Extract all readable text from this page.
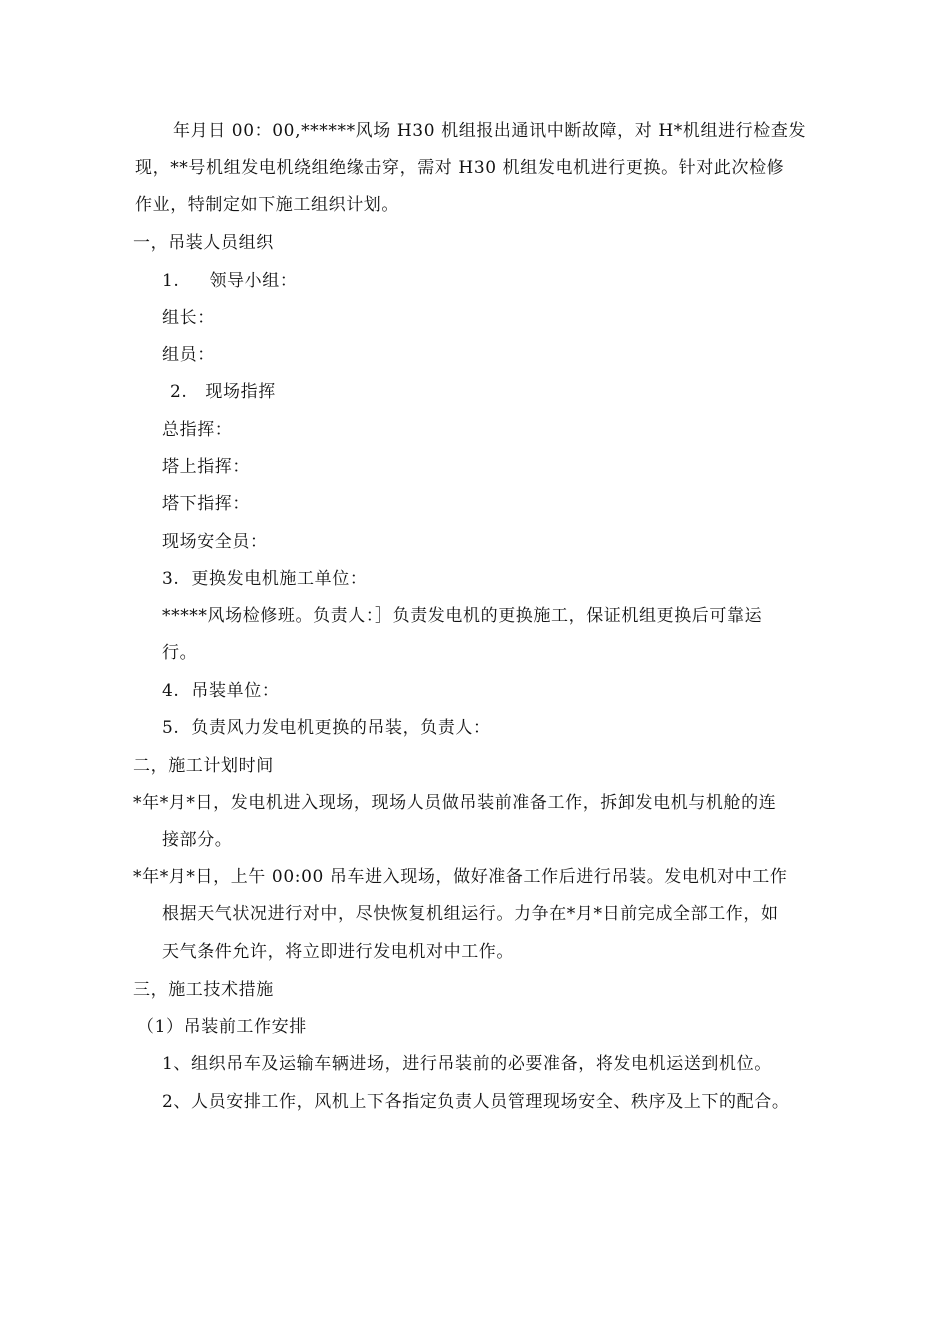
年月日 00：00,******风场 H30 机组报出通讯中断故障，对 H*机组进行检查发
现，**号机组发电机绕组绝缘击穿，需对 H30 机组发电机进行更换。针对此次检修
作业，特制定如下施工组织计划。
一，吊装人员组织
1.     领导小组：
组长：
组员：
2.   现场指挥
总指挥：
塔上指挥：
塔下指挥：
现场安全员：
3.  更换发电机施工单位：
*****风场检修班。负责人：］负责发电机的更换施工，保证机组更换后可靠运
行。
4.  吊装单位：
5.  负责风力发电机更换的吊装，负责人：
二，施工计划时间
*年*月*日，发电机进入现场，现场人员做吊装前准备工作，拆卸发电机与机舱的连
接部分。
*年*月*日，上午 00:00 吊车进入现场，做好准备工作后进行吊装。发电机对中工作
根据天气状况进行对中，尽快恢复机组运行。力争在*月*日前完成全部工作，如
天气条件允许，将立即进行发电机对中工作。
三，施工技术措施
（1）吊装前工作安排
1、组织吊车及运输车辆进场，进行吊装前的必要准备，将发电机运送到机位。
2、人员安排工作，风机上下各指定负责人员管理现场安全、秩序及上下的配合。
